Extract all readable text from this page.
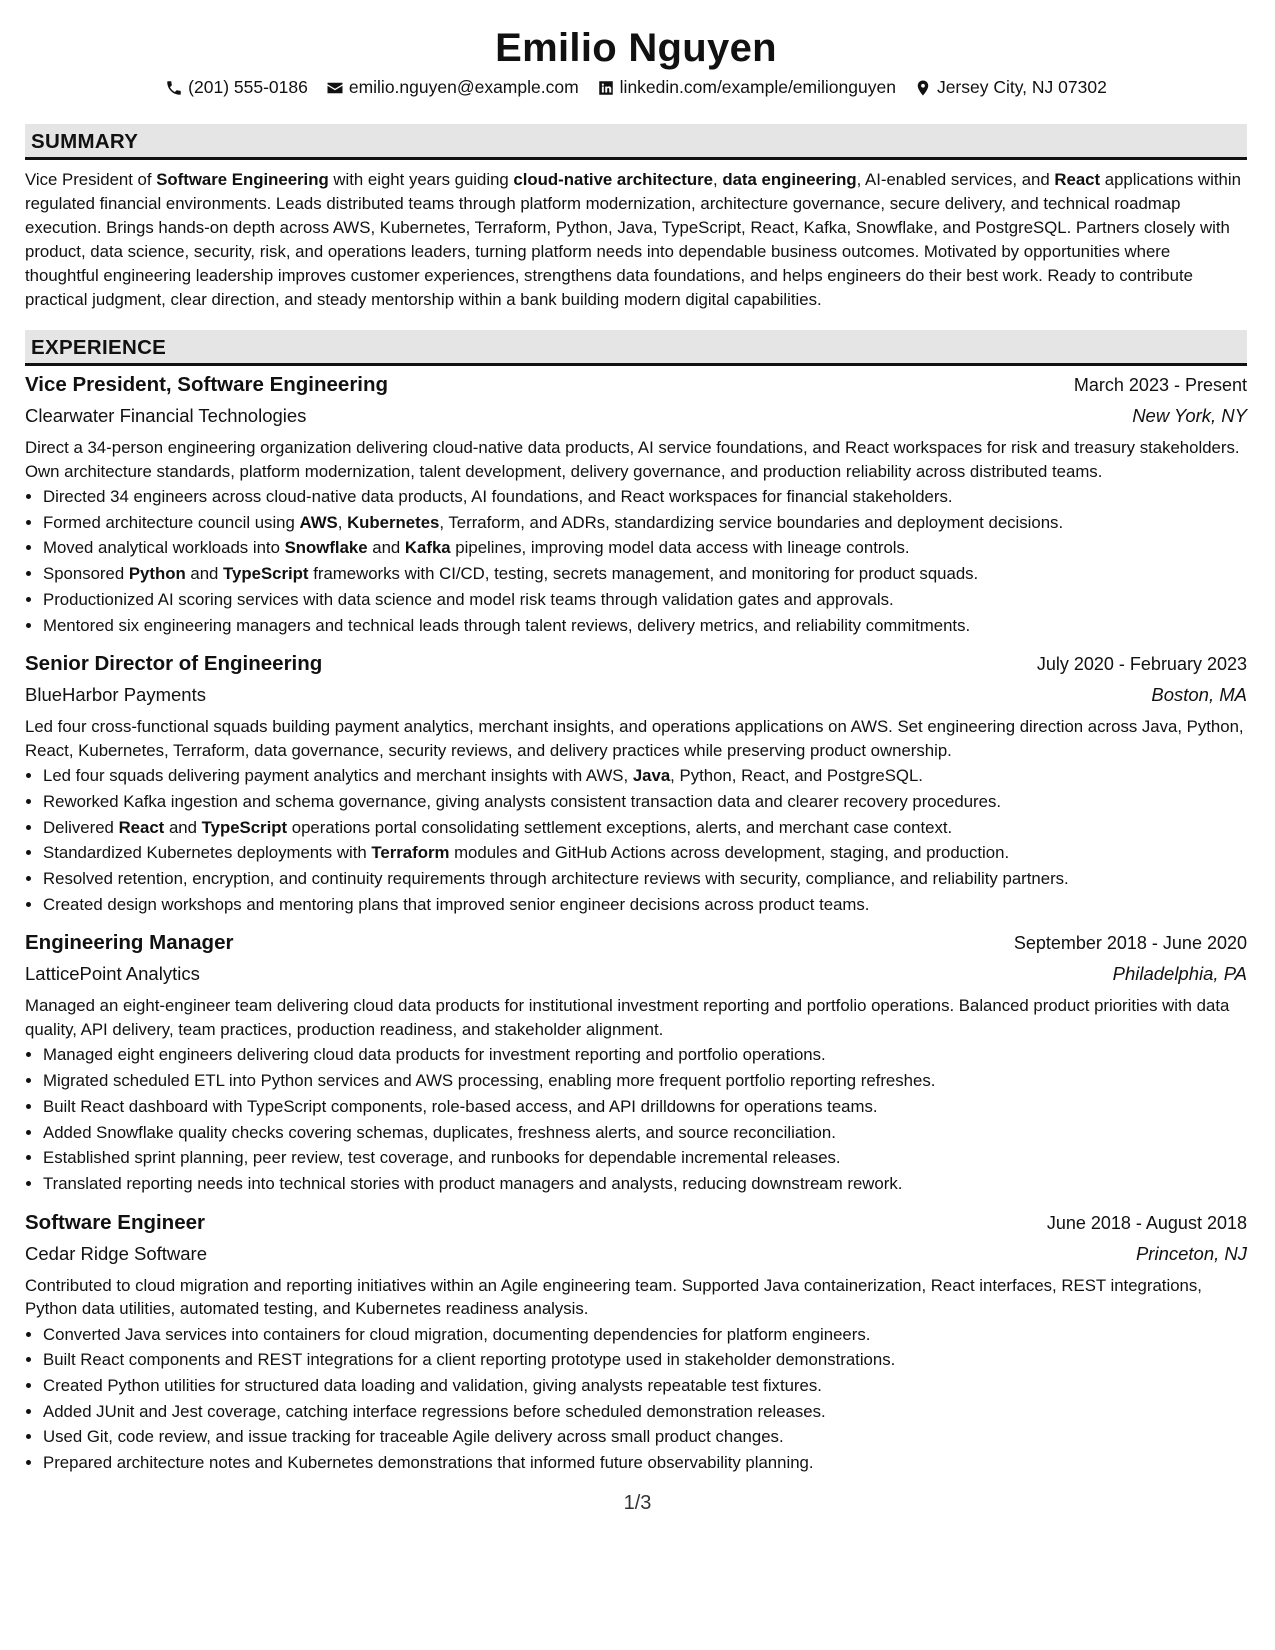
Emilio Nguyen
(201) 555-0186 emilio.nguyen@example.com linkedin.com/example/emilionguyen Jersey City, NJ 07302
SUMMARY
Vice President of Software Engineering with eight years guiding cloud-native architecture, data engineering, AI-enabled services, and React applications within regulated financial environments. Leads distributed teams through platform modernization, architecture governance, secure delivery, and technical roadmap execution. Brings hands-on depth across AWS, Kubernetes, Terraform, Python, Java, TypeScript, React, Kafka, Snowflake, and PostgreSQL. Partners closely with product, data science, security, risk, and operations leaders, turning platform needs into dependable business outcomes. Motivated by opportunities where thoughtful engineering leadership improves customer experiences, strengthens data foundations, and helps engineers do their best work. Ready to contribute practical judgment, clear direction, and steady mentorship within a bank building modern digital capabilities.
EXPERIENCE
Vice President, Software Engineering	March 2023 - Present
Clearwater Financial Technologies	New York, NY
Direct a 34-person engineering organization delivering cloud-native data products, AI service foundations, and React workspaces for risk and treasury stakeholders. Own architecture standards, platform modernization, talent development, delivery governance, and production reliability across distributed teams.
• Directed 34 engineers across cloud-native data products, AI foundations, and React workspaces for financial stakeholders.
• Formed architecture council using AWS, Kubernetes, Terraform, and ADRs, standardizing service boundaries and deployment decisions.
• Moved analytical workloads into Snowflake and Kafka pipelines, improving model data access with lineage controls.
• Sponsored Python and TypeScript frameworks with CI/CD, testing, secrets management, and monitoring for product squads.
• Productionized AI scoring services with data science and model risk teams through validation gates and approvals.
• Mentored six engineering managers and technical leads through talent reviews, delivery metrics, and reliability commitments.
Senior Director of Engineering	July 2020 - February 2023
BlueHarbor Payments	Boston, MA
Led four cross-functional squads building payment analytics, merchant insights, and operations applications on AWS. Set engineering direction across Java, Python, React, Kubernetes, Terraform, data governance, security reviews, and delivery practices while preserving product ownership.
• Led four squads delivering payment analytics and merchant insights with AWS, Java, Python, React, and PostgreSQL.
• Reworked Kafka ingestion and schema governance, giving analysts consistent transaction data and clearer recovery procedures.
• Delivered React and TypeScript operations portal consolidating settlement exceptions, alerts, and merchant case context.
• Standardized Kubernetes deployments with Terraform modules and GitHub Actions across development, staging, and production.
• Resolved retention, encryption, and continuity requirements through architecture reviews with security, compliance, and reliability partners.
• Created design workshops and mentoring plans that improved senior engineer decisions across product teams.
Engineering Manager	September 2018 - June 2020
LatticePoint Analytics	Philadelphia, PA
Managed an eight-engineer team delivering cloud data products for institutional investment reporting and portfolio operations. Balanced product priorities with data quality, API delivery, team practices, production readiness, and stakeholder alignment.
• Managed eight engineers delivering cloud data products for investment reporting and portfolio operations.
• Migrated scheduled ETL into Python services and AWS processing, enabling more frequent portfolio reporting refreshes.
• Built React dashboard with TypeScript components, role-based access, and API drilldowns for operations teams.
• Added Snowflake quality checks covering schemas, duplicates, freshness alerts, and source reconciliation.
• Established sprint planning, peer review, test coverage, and runbooks for dependable incremental releases.
• Translated reporting needs into technical stories with product managers and analysts, reducing downstream rework.
Software Engineer	June 2018 - August 2018
Cedar Ridge Software	Princeton, NJ
Contributed to cloud migration and reporting initiatives within an Agile engineering team. Supported Java containerization, React interfaces, REST integrations, Python data utilities, automated testing, and Kubernetes readiness analysis.
• Converted Java services into containers for cloud migration, documenting dependencies for platform engineers.
• Built React components and REST integrations for a client reporting prototype used in stakeholder demonstrations.
• Created Python utilities for structured data loading and validation, giving analysts repeatable test fixtures.
• Added JUnit and Jest coverage, catching interface regressions before scheduled demonstration releases.
• Used Git, code review, and issue tracking for traceable Agile delivery across small product changes.
• Prepared architecture notes and Kubernetes demonstrations that informed future observability planning.
1/3
